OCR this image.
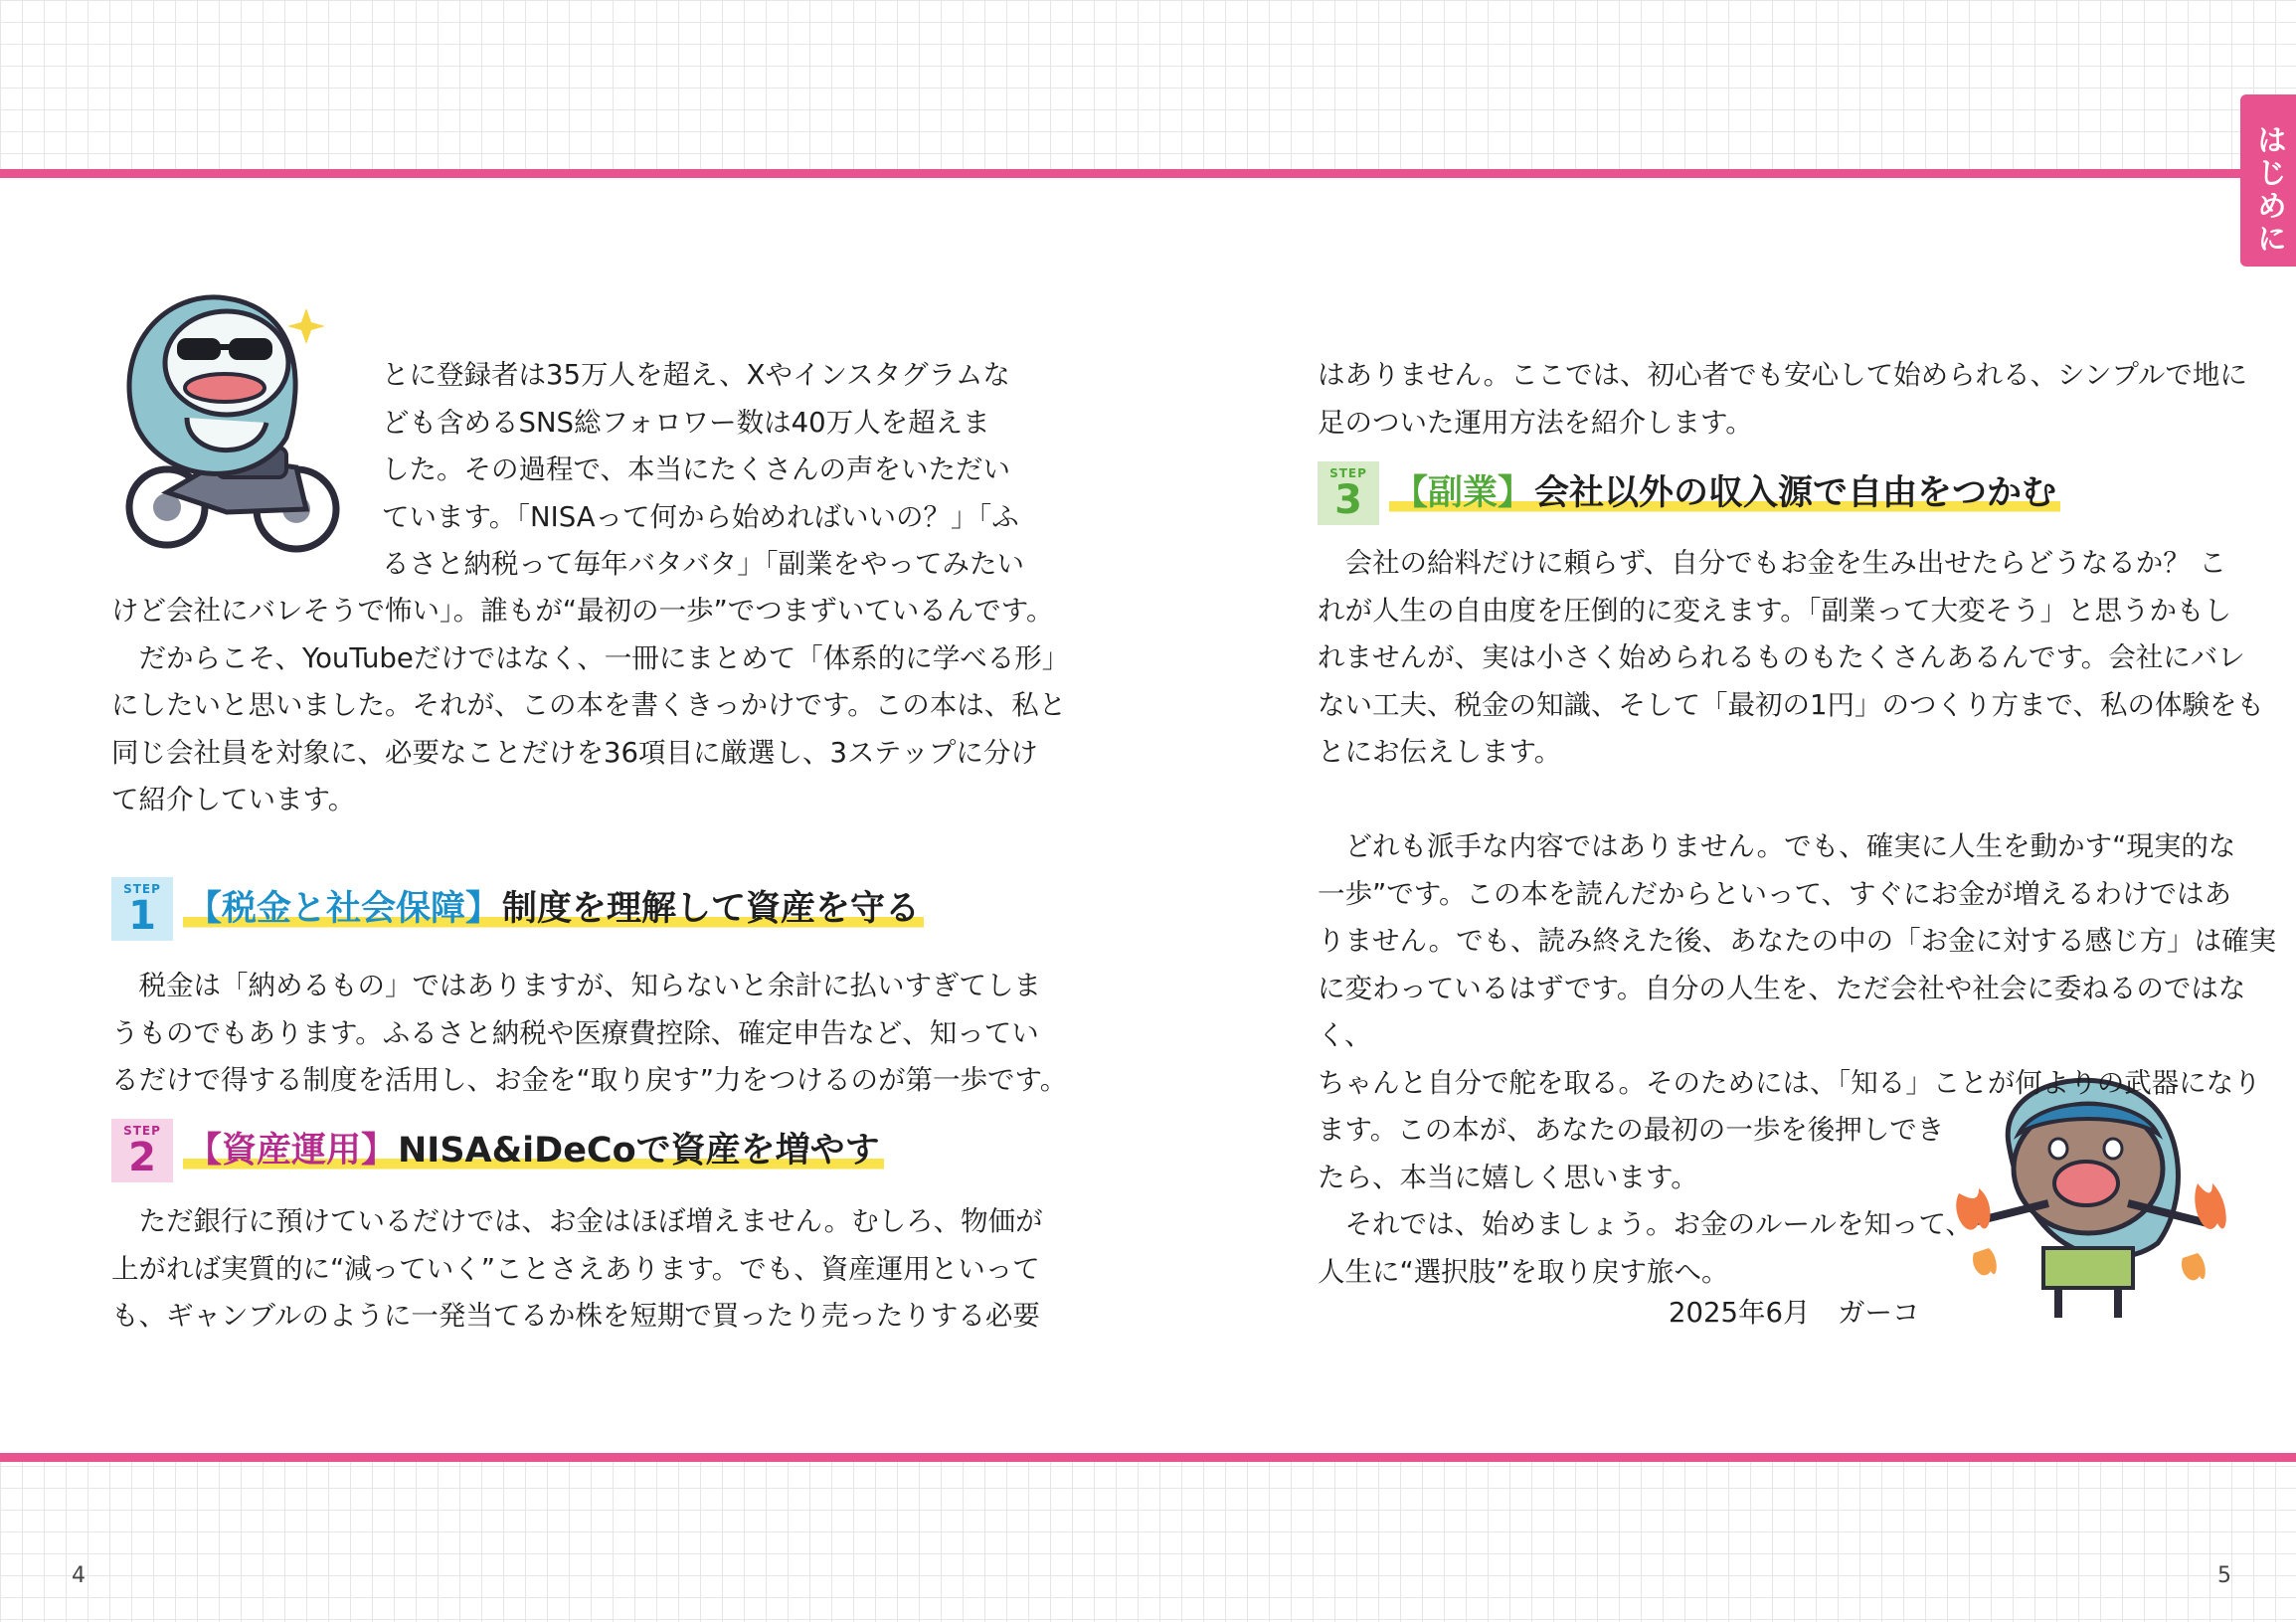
はじめに

とに登録者は35万人を超え、Xやインスタグラムな

ども含めるSNS総フォロワー数は40万人を超えま

した。その過程で、本当にたくさんの声をいただい

ています。「NISAって何から始めればいいの？」「ふ

るさと納税って毎年バタバタ」「副業をやってみたい

けど会社にバレそうで怖い」。誰もが“最初の一歩”でつまずいているんです。

だからこそ、YouTubeだけではなく、一冊にまとめて「体系的に学べる形」

にしたいと思いました。それが、この本を書くきっかけです。この本は、私と

同じ会社員を対象に、必要なことだけを36項目に厳選し、3ステップに分け

て紹介しています。

STEP
1 【税金と社会保障】制度を理解して資産を守る

税金は「納めるもの」ではありますが、知らないと余計に払いすぎてしま

うものでもあります。ふるさと納税や医療費控除、確定申告など、知ってい

るだけで得する制度を活用し、お金を“取り戻す”力をつけるのが第一歩です。

STEP
2 【資産運用】NISA&iDeCoで資産を増やす

ただ銀行に預けているだけでは、お金はほぼ増えません。むしろ、物価が

上がれば実質的に“減っていく”ことさえあります。でも、資産運用といって

も、ギャンブルのように一発当てるか株を短期で買ったり売ったりする必要

はありません。ここでは、初心者でも安心して始められる、シンプルで地に

足のついた運用方法を紹介します。

STEP
3 【副業】会社以外の収入源で自由をつかむ

会社の給料だけに頼らず、自分でもお金を生み出せたらどうなるか？ こ

れが人生の自由度を圧倒的に変えます。「副業って大変そう」と思うかもし

れませんが、実は小さく始められるものもたくさんあるんです。会社にバレ

ない工夫、税金の知識、そして「最初の1円」のつくり方まで、私の体験をも

とにお伝えします。

どれも派手な内容ではありません。でも、確実に人生を動かす“現実的な

一歩”です。この本を読んだからといって、すぐにお金が増えるわけではあ

りません。でも、読み終えた後、あなたの中の「お金に対する感じ方」は確実

に変わっているはずです。自分の人生を、ただ会社や社会に委ねるのではなく、

ちゃんと自分で舵を取る。そのためには、「知る」ことが何よりの武器になり

ます。この本が、あなたの最初の一歩を後押しでき

たら、本当に嬉しく思います。

それでは、始めましょう。お金のルールを知って、

人生に“選択肢”を取り戻す旅へ。

2025年6月　ガーコ
4	5
